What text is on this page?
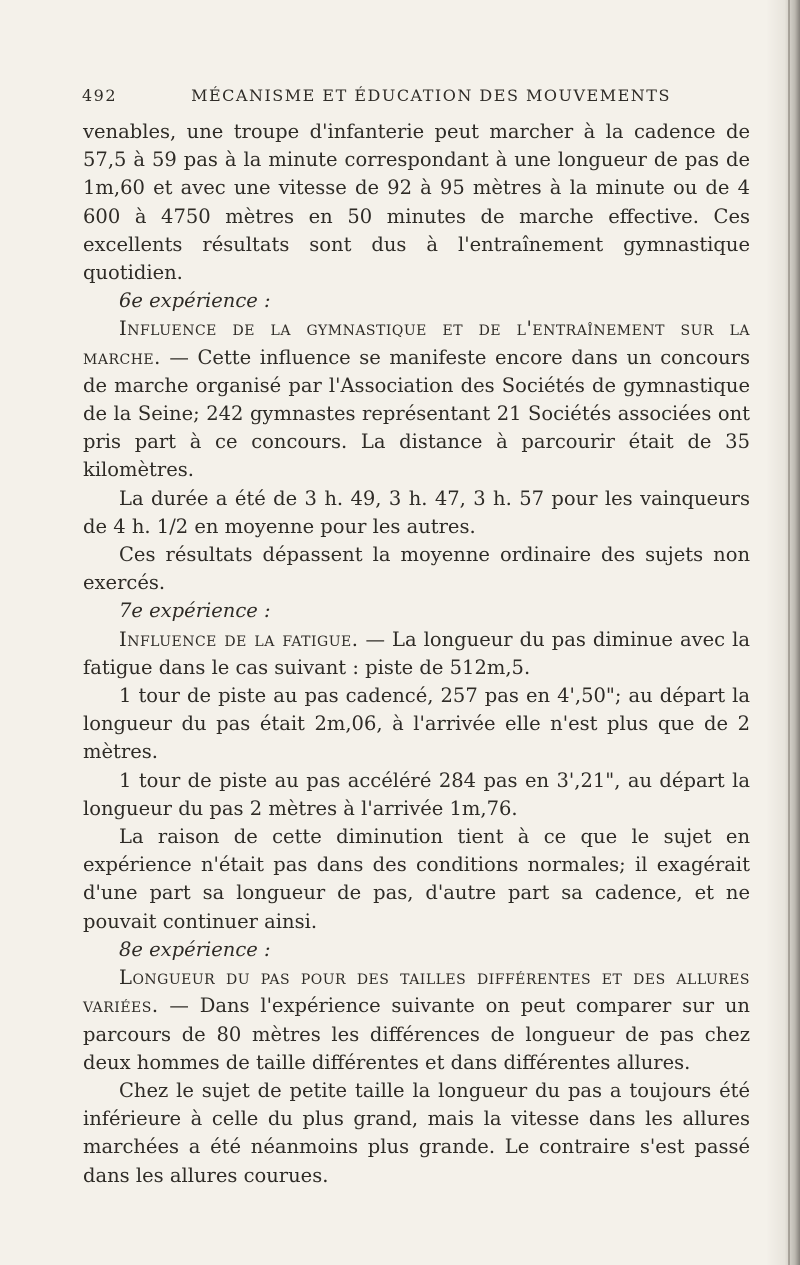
492	MÉCANISME ET ÉDUCATION DES MOUVEMENTS

venables, une troupe d'infanterie peut marcher à la cadence de 57,5 à 59 pas à la minute correspondant à une longueur de pas de 1m,60 et avec une vitesse de 92 à 95 mètres à la minute ou de 4 600 à 4750 mètres en 50 minutes de marche effective. Ces excellents résultats sont dus à l'entraînement gymnastique quotidien.

6e expérience :

Influence de la gymnastique et de l'entraînement sur la marche. — Cette influence se manifeste encore dans un concours de marche organisé par l'Association des Sociétés de gymnastique de la Seine; 242 gymnastes représentant 21 Sociétés associées ont pris part à ce concours. La distance à parcourir était de 35 kilomètres.

La durée a été de 3 h. 49, 3 h. 47, 3 h. 57 pour les vainqueurs de 4 h. 1/2 en moyenne pour les autres.

Ces résultats dépassent la moyenne ordinaire des sujets non exercés.

7e expérience :

Influence de la fatigue. — La longueur du pas diminue avec la fatigue dans le cas suivant : piste de 512m,5.

1 tour de piste au pas cadencé, 257 pas en 4',50"; au départ la longueur du pas était 2m,06, à l'arrivée elle n'est plus que de 2 mètres.

1 tour de piste au pas accéléré 284 pas en 3',21", au départ la longueur du pas 2 mètres à l'arrivée 1m,76.

La raison de cette diminution tient à ce que le sujet en expérience n'était pas dans des conditions normales; il exagérait d'une part sa longueur de pas, d'autre part sa cadence, et ne pouvait continuer ainsi.

8e expérience :

Longueur du pas pour des tailles différentes et des allures variées. — Dans l'expérience suivante on peut comparer sur un parcours de 80 mètres les différences de longueur de pas chez deux hommes de taille différentes et dans différentes allures.

Chez le sujet de petite taille la longueur du pas a toujours été inférieure à celle du plus grand, mais la vitesse dans les allures marchées a été néanmoins plus grande. Le contraire s'est passé dans les allures courues.
